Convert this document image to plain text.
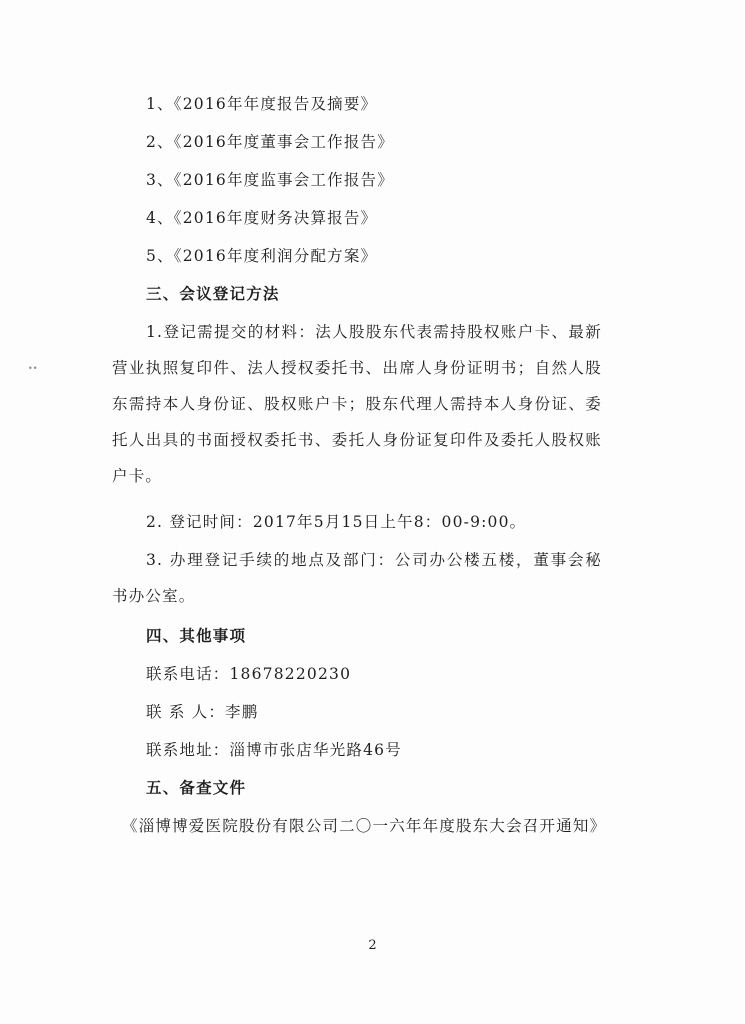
1、《2016年年度报告及摘要》

2、《2016年度董事会工作报告》

3、《2016年度监事会工作报告》

4、《2016年度财务决算报告》

5、《2016年度利润分配方案》

三、会议登记方法

1.登记需提交的材料：法人股股东代表需持股权账户卡、最新营业执照复印件、法人授权委托书、出席人身份证明书；自然人股东需持本人身份证、股权账户卡；股东代理人需持本人身份证、委托人出具的书面授权委托书、委托人身份证复印件及委托人股权账户卡。

2. 登记时间：2017年5月15日上午8：00-9:00。

3. 办理登记手续的地点及部门：公司办公楼五楼，董事会秘书办公室。

四、其他事项

联系电话：18678220230

联 系 人：李鹏

联系地址：淄博市张店华光路46号

五、备查文件

《淄博博爱医院股份有限公司二〇一六年年度股东大会召开通知》

2
••
